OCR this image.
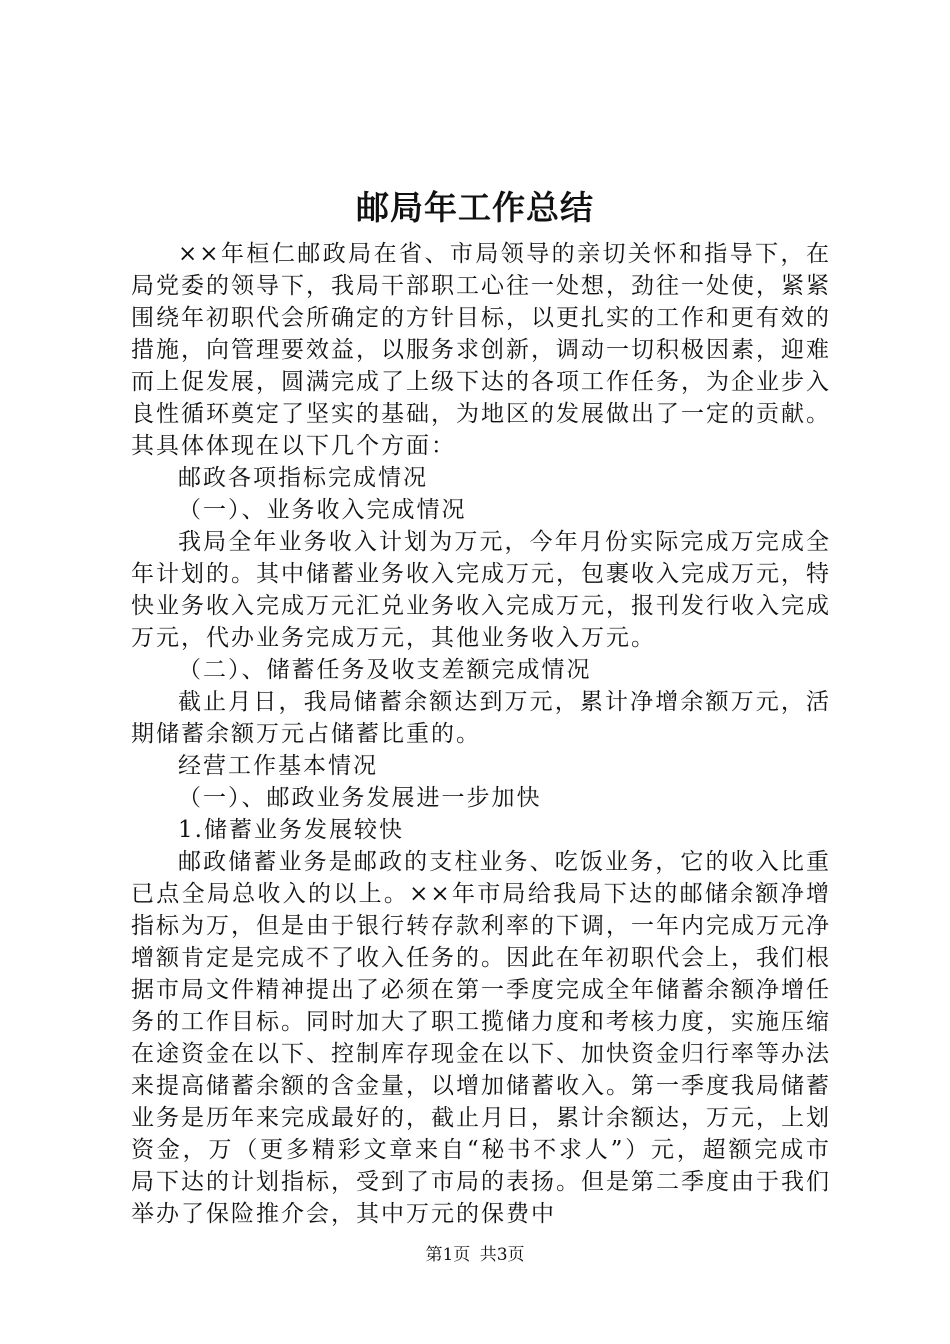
邮局年工作总结

××年桓仁邮政局在省、市局领导的亲切关怀和指导下，在局党委的领导下，我局干部职工心往一处想，劲往一处使，紧紧围绕年初职代会所确定的方针目标，以更扎实的工作和更有效的措施，向管理要效益，以服务求创新，调动一切积极因素，迎难而上促发展，圆满完成了上级下达的各项工作任务，为企业步入良性循环奠定了坚实的基础，为地区的发展做出了一定的贡献。其具体体现在以下几个方面：

邮政各项指标完成情况

（一）、业务收入完成情况

我局全年业务收入计划为万元，今年月份实际完成万完成全年计划的。其中储蓄业务收入完成万元，包裹收入完成万元，特快业务收入完成万元汇兑业务收入完成万元，报刊发行收入完成万元，代办业务完成万元，其他业务收入万元。

（二）、储蓄任务及收支差额完成情况

截止月日，我局储蓄余额达到万元，累计净增余额万元，活期储蓄余额万元占储蓄比重的。

经营工作基本情况

（一）、邮政业务发展进一步加快

1.储蓄业务发展较快

邮政储蓄业务是邮政的支柱业务、吃饭业务，它的收入比重已点全局总收入的以上。××年市局给我局下达的邮储余额净增指标为万，但是由于银行转存款利率的下调，一年内完成万元净增额肯定是完成不了收入任务的。因此在年初职代会上，我们根据市局文件精神提出了必须在第一季度完成全年储蓄余额净增任务的工作目标。同时加大了职工揽储力度和考核力度，实施压缩在途资金在以下、控制库存现金在以下、加快资金归行率等办法来提高储蓄余额的含金量，以增加储蓄收入。第一季度我局储蓄业务是历年来完成最好的，截止月日，累计余额达，万元，上划资金，万（更多精彩文章来自“秘书不求人”）元，超额完成市局下达的计划指标，受到了市局的表扬。但是第二季度由于我们举办了保险推介会，其中万元的保费中

第1页 共3页
